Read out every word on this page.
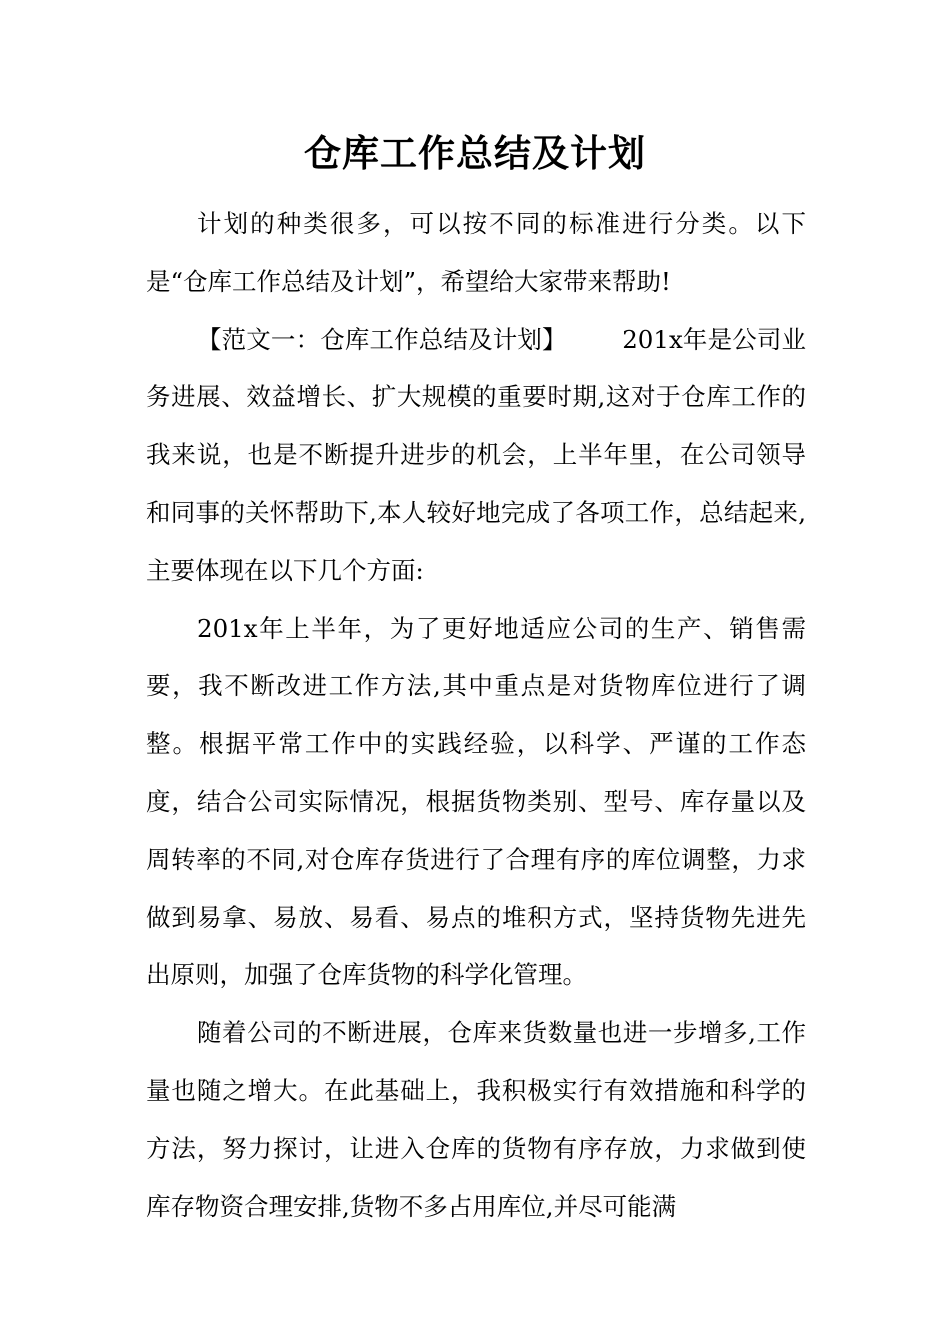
仓库工作总结及计划

计划的种类很多，可以按不同的标准进行分类。以下是“仓库工作总结及计划”，希望给大家带来帮助!

【范文一：仓库工作总结及计划】       201x年是公司业务进展、效益增长、扩大规模的重要时期,这对于仓库工作的我来说，也是不断提升进步的机会，上半年里，在公司领导和同事的关怀帮助下,本人较好地完成了各项工作，总结起来,主要体现在以下几个方面:

201x年上半年，为了更好地适应公司的生产、销售需要，我不断改进工作方法,其中重点是对货物库位进行了调整。根据平常工作中的实践经验，以科学、严谨的工作态度，结合公司实际情况，根据货物类别、型号、库存量以及周转率的不同,对仓库存货进行了合理有序的库位调整，力求做到易拿、易放、易看、易点的堆积方式，坚持货物先进先出原则，加强了仓库货物的科学化管理。

随着公司的不断进展，仓库来货数量也进一步增多,工作量也随之增大。在此基础上，我积极实行有效措施和科学的方法，努力探讨，让进入仓库的货物有序存放，力求做到使库存物资合理安排,货物不多占用库位,并尽可能满
